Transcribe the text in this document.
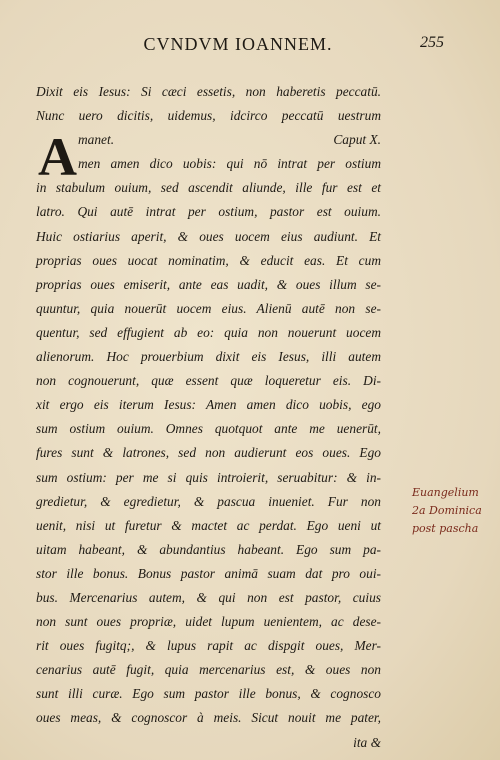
CVNDVM IOANNEM.	255
A
Dixit eis Iesus: Si cæci essetis, non haberetis peccatū.
Nunc uero dicitis, uidemus, idcirco peccatū uestrum
manet.	Caput X.
men amen dico uobis: qui nō intrat per ostium
in stabulum ouium, sed ascendit aliunde, ille fur est et
latro. Qui autē intrat per ostium, pastor est ouium.
Huic ostiarius aperit, & oues uocem eius audiunt. Et
proprias oues uocat nominatim, & educit eas. Et cum
proprias oues emiserit, ante eas uadit, & oues illum se-
quuntur, quia nouerūt uocem eius. Alienū autē non se-
quentur, sed effugient ab eo: quia non nouerunt uocem
alienorum. Hoc prouerbium dixit eis Iesus, illi autem
non cognouerunt, quæ essent quæ loqueretur eis. Di-
xit ergo eis iterum Iesus: Amen amen dico uobis, ego
sum ostium ouium. Omnes quotquot ante me uenerūt,
fures sunt & latrones, sed non audierunt eos oues. Ego
sum ostium: per me si quis introierit, seruabitur: & in-
gredietur, & egredietur, & pascua inueniet. Fur non
uenit, nisi ut furetur & mactet ac perdat. Ego ueni ut
uitam habeant, & abundantius habeant. Ego sum pa-
stor ille bonus. Bonus pastor animā suam dat pro oui-
bus. Mercenarius autem, & qui non est pastor, cuius
non sunt oues propriæ, uidet lupum uenientem, ac dese-
rit oues fugitq;, & lupus rapit ac dispgit oues, Mer-
cenarius autē fugit, quia mercenarius est, & oues non
sunt illi curæ. Ego sum pastor ille bonus, & cognosco
oues meas, & cognoscor à meis. Sicut nouit me pater,
ita &
Euangelium
2a Dominica
post pascha
